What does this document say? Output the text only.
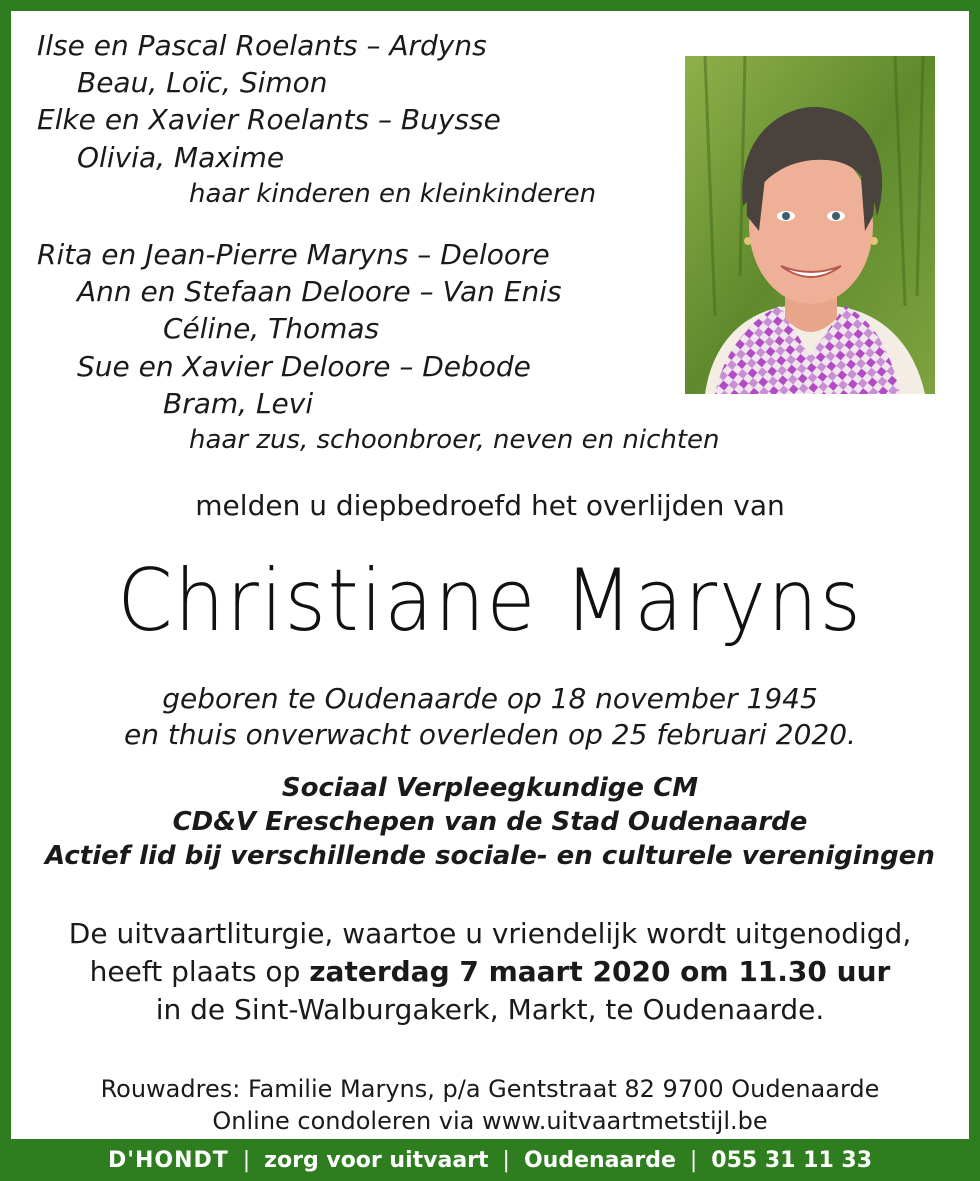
Ilse en Pascal Roelants – Ardyns
Beau, Loïc, Simon
Elke en Xavier Roelants – Buysse
Olivia, Maxime
haar kinderen en kleinkinderen
Rita en Jean-Pierre Maryns – Deloore
Ann en Stefaan Deloore – Van Enis
Céline, Thomas
Sue en Xavier Deloore – Debode
Bram, Levi
haar zus, schoonbroer, neven en nichten
melden u diepbedroefd het overlijden van
Christiane Maryns
geboren te Oudenaarde op 18 november 1945
en thuis onverwacht overleden op 25 februari 2020.
Sociaal Verpleegkundige CM
CD&V Ereschepen van de Stad Oudenaarde
Actief lid bij verschillende sociale- en culturele verenigingen
De uitvaartliturgie, waartoe u vriendelijk wordt uitgenodigd,
heeft plaats op zaterdag 7 maart 2020 om 11.30 uur
in de Sint-Walburgakerk, Markt, te Oudenaarde.
Rouwadres: Familie Maryns, p/a Gentstraat 82 9700 Oudenaarde
Online condoleren via www.uitvaartmetstijl.be
D'HONDT | zorg voor uitvaart | Oudenaarde | 055 31 11 33
